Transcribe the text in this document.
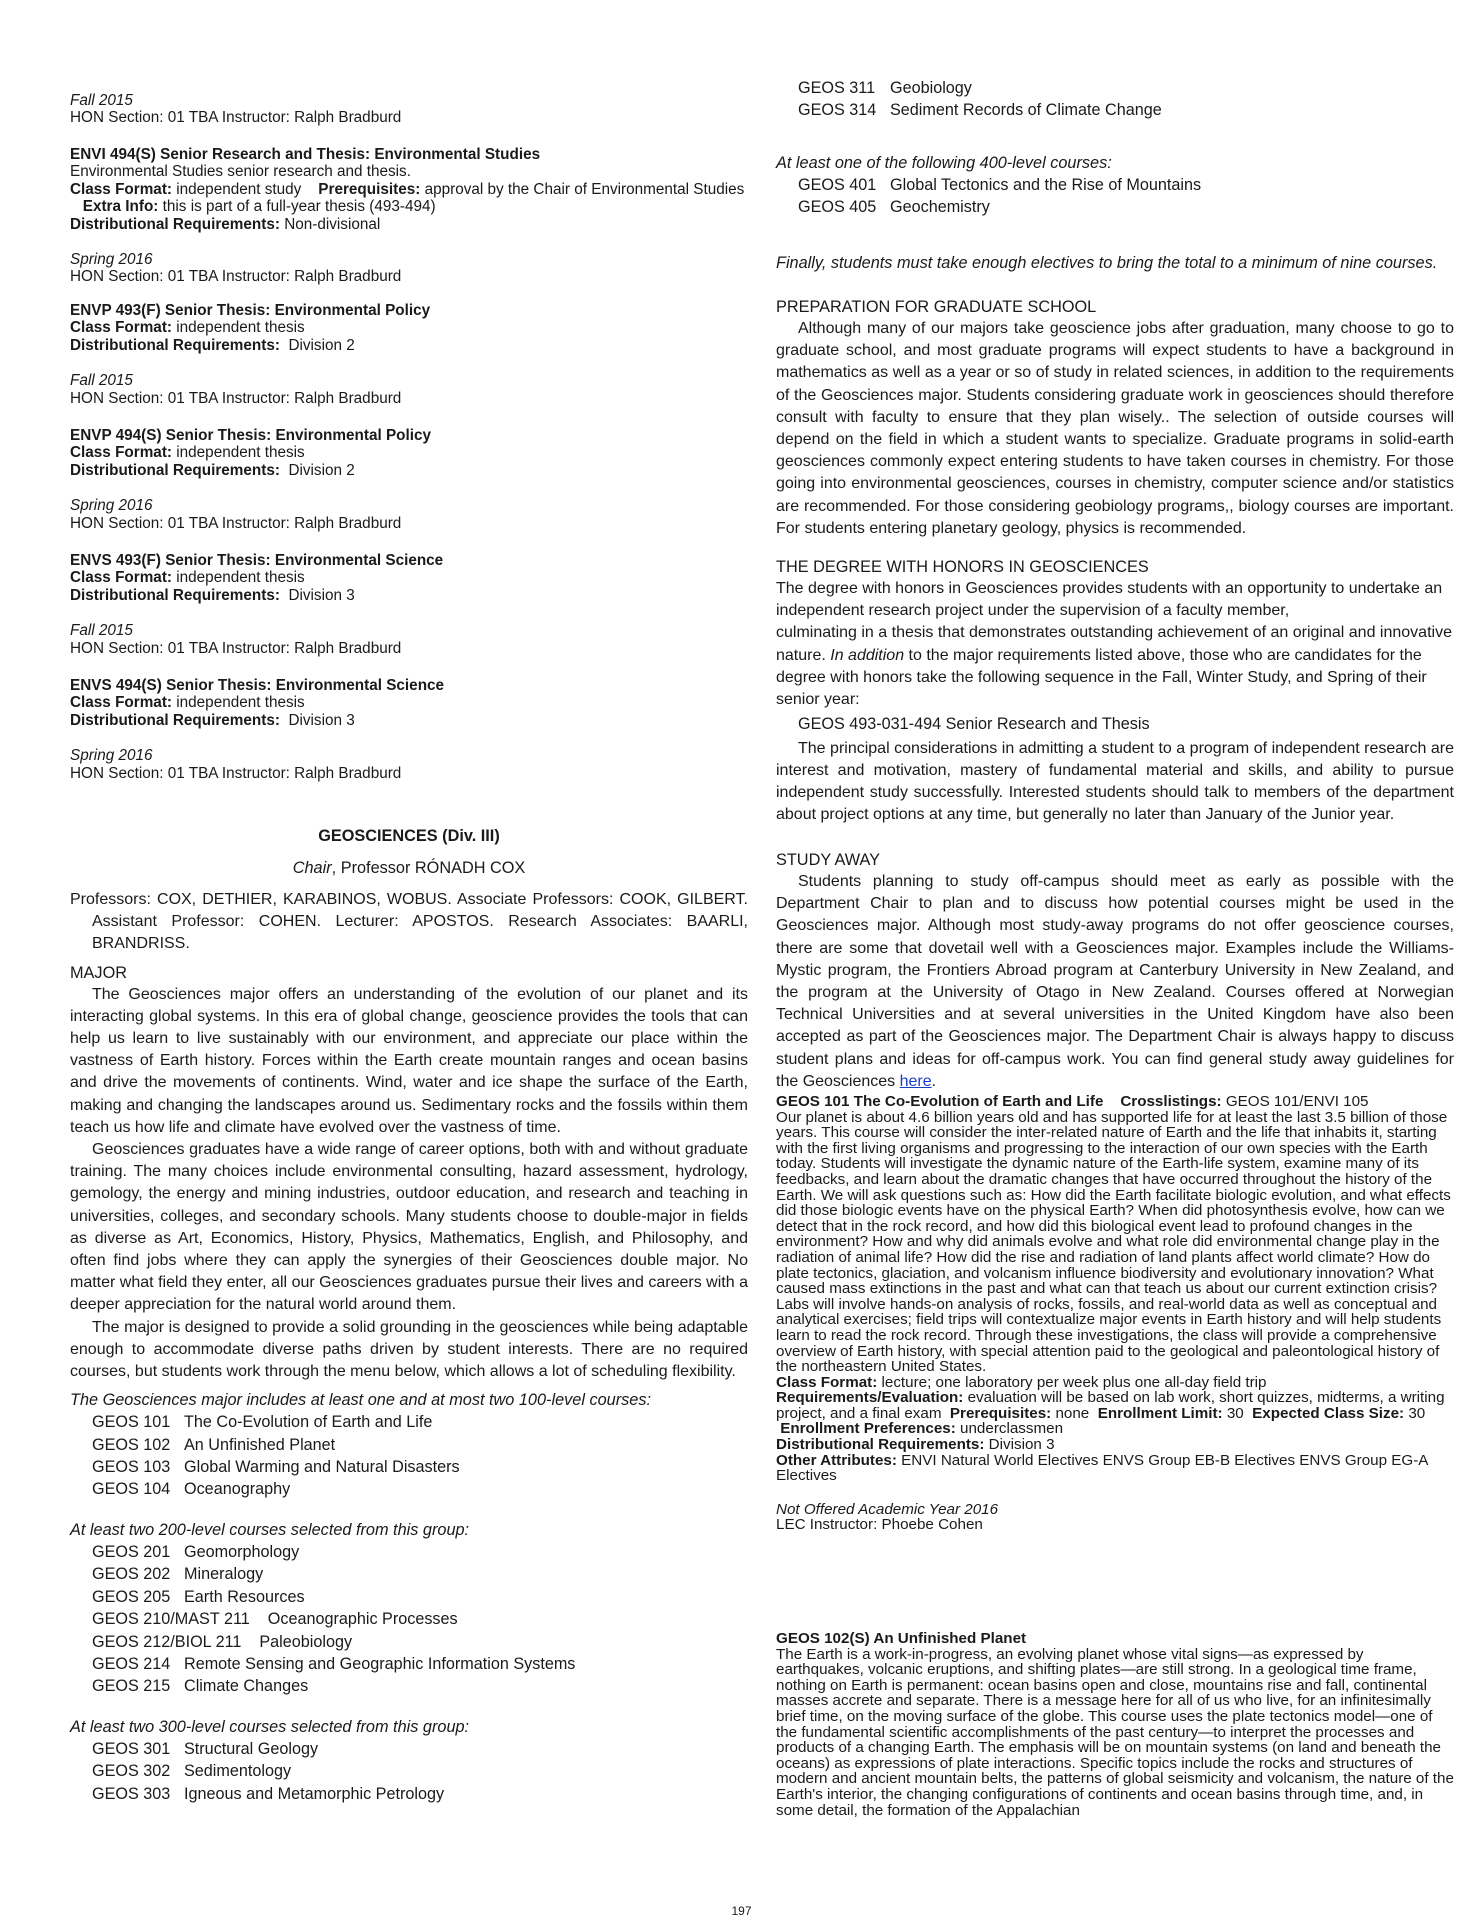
Fall 2015
HON Section: 01 TBA Instructor: Ralph Bradburd
ENVI 494(S) Senior Research and Thesis: Environmental Studies
Environmental Studies senior research and thesis.
Class Format: independent study Prerequisites: approval by the Chair of Environmental Studies    Extra Info: this is part of a full-year thesis (493-494)
Distributional Requirements: Non-divisional
Spring 2016
HON Section: 01 TBA Instructor: Ralph Bradburd
ENVP 493(F) Senior Thesis: Environmental Policy
Class Format: independent thesis
Distributional Requirements: Division 2
Fall 2015
HON Section: 01 TBA Instructor: Ralph Bradburd
ENVP 494(S) Senior Thesis: Environmental Policy
Class Format: independent thesis
Distributional Requirements: Division 2
Spring 2016
HON Section: 01 TBA Instructor: Ralph Bradburd
ENVS 493(F) Senior Thesis: Environmental Science
Class Format: independent thesis
Distributional Requirements: Division 3
Fall 2015
HON Section: 01 TBA Instructor: Ralph Bradburd
ENVS 494(S) Senior Thesis: Environmental Science
Class Format: independent thesis
Distributional Requirements: Division 3
Spring 2016
HON Section: 01 TBA Instructor: Ralph Bradburd
GEOSCIENCES (Div. III)
Chair, Professor RÓNADH COX
Professors: COX, DETHIER, KARABINOS, WOBUS. Associate Professors: COOK, GILBERT. Assistant Professor: COHEN. Lecturer: APOSTOS. Research Associates: BAARLI, BRANDRISS.
MAJOR
The Geosciences major offers an understanding of the evolution of our planet and its interacting global systems. In this era of global change, geoscience provides the tools that can help us learn to live sustainably with our environment, and appreciate our place within the vastness of Earth history. Forces within the Earth create mountain ranges and ocean basins and drive the movements of continents. Wind, water and ice shape the surface of the Earth, making and changing the landscapes around us. Sedimentary rocks and the fossils within them teach us how life and climate have evolved over the vastness of time.
Geosciences graduates have a wide range of career options, both with and without graduate training. The many choices include environmental consulting, hazard assessment, hydrology, gemology, the energy and mining industries, outdoor education, and research and teaching in universities, colleges, and secondary schools. Many students choose to double-major in fields as diverse as Art, Economics, History, Physics, Mathematics, English, and Philosophy, and often find jobs where they can apply the synergies of their Geosciences double major. No matter what field they enter, all our Geosciences graduates pursue their lives and careers with a deeper appreciation for the natural world around them.
The major is designed to provide a solid grounding in the geosciences while being adaptable enough to accommodate diverse paths driven by student interests. There are no required courses, but students work through the menu below, which allows a lot of scheduling flexibility.
The Geosciences major includes at least one and at most two 100-level courses:
GEOS 101 The Co-Evolution of Earth and Life
GEOS 102 An Unfinished Planet
GEOS 103 Global Warming and Natural Disasters
GEOS 104 Oceanography
At least two 200-level courses selected from this group:
GEOS 201 Geomorphology
GEOS 202 Mineralogy
GEOS 205 Earth Resources
GEOS 210/MAST 211 Oceanographic Processes
GEOS 212/BIOL 211 Paleobiology
GEOS 214 Remote Sensing and Geographic Information Systems
GEOS 215 Climate Changes
At least two 300-level courses selected from this group:
GEOS 301 Structural Geology
GEOS 302 Sedimentology
GEOS 303 Igneous and Metamorphic Petrology
GEOS 311 Geobiology
GEOS 314 Sediment Records of Climate Change
At least one of the following 400-level courses:
GEOS 401 Global Tectonics and the Rise of Mountains
GEOS 405 Geochemistry
Finally, students must take enough electives to bring the total to a minimum of nine courses.
PREPARATION FOR GRADUATE SCHOOL
Although many of our majors take geoscience jobs after graduation, many choose to go to graduate school, and most graduate programs will expect students to have a background in mathematics as well as a year or so of study in related sciences, in addition to the requirements of the Geosciences major. Students considering graduate work in geosciences should therefore consult with faculty to ensure that they plan wisely.. The selection of outside courses will depend on the field in which a student wants to specialize. Graduate programs in solid-earth geosciences commonly expect entering students to have taken courses in chemistry. For those going into environmental geosciences, courses in chemistry, computer science and/or statistics are recommended. For those considering geobiology programs,, biology courses are important. For students entering planetary geology, physics is recommended.
THE DEGREE WITH HONORS IN GEOSCIENCES
The degree with honors in Geosciences provides students with an opportunity to undertake an independent research project under the supervision of a faculty member,
culminating in a thesis that demonstrates outstanding achievement of an original and innovative nature. In addition to the major requirements listed above, those who are candidates for the degree with honors take the following sequence in the Fall, Winter Study, and Spring of their senior year:
GEOS 493-031-494 Senior Research and Thesis
The principal considerations in admitting a student to a program of independent research are interest and motivation, mastery of fundamental material and skills, and ability to pursue independent study successfully. Interested students should talk to members of the department about project options at any time, but generally no later than January of the Junior year.
STUDY AWAY
Students planning to study off-campus should meet as early as possible with the Department Chair to plan and to discuss how potential courses might be used in the Geosciences major. Although most study-away programs do not offer geoscience courses, there are some that dovetail well with a Geosciences major. Examples include the Williams-Mystic program, the Frontiers Abroad program at Canterbury University in New Zealand, and the program at the University of Otago in New Zealand. Courses offered at Norwegian Technical Universities and at several universities in the United Kingdom have also been accepted as part of the Geosciences major. The Department Chair is always happy to discuss student plans and ideas for off-campus work. You can find general study away guidelines for the Geosciences here.
GEOS 101 The Co-Evolution of Earth and Life Crosslistings: GEOS 101/ENVI 105
Our planet is about 4.6 billion years old and has supported life for at least the last 3.5 billion of those years. This course will consider the inter-related nature of Earth and the life that inhabits it, starting with the first living organisms and progressing to the interaction of our own species with the Earth today. Students will investigate the dynamic nature of the Earth-life system, examine many of its feedbacks, and learn about the dramatic changes that have occurred throughout the history of the Earth. We will ask questions such as: How did the Earth facilitate biologic evolution, and what effects did those biologic events have on the physical Earth? When did photosynthesis evolve, how can we detect that in the rock record, and how did this biological event lead to profound changes in the environment? How and why did animals evolve and what role did environmental change play in the radiation of animal life? How did the rise and radiation of land plants affect world climate? How do plate tectonics, glaciation, and volcanism influence biodiversity and evolutionary innovation? What caused mass extinctions in the past and what can that teach us about our current extinction crisis? Labs will involve hands-on analysis of rocks, fossils, and real-world data as well as conceptual and analytical exercises; field trips will contextualize major events in Earth history and will help students learn to read the rock record. Through these investigations, the class will provide a comprehensive overview of Earth history, with special attention paid to the geological and paleontological history of the northeastern United States.
Class Format: lecture; one laboratory per week plus one all-day field trip
Requirements/Evaluation: evaluation will be based on lab work, short quizzes, midterms, a writing project, and a final exam Prerequisites: none Enrollment Limit: 30 Expected Class Size: 30  Enrollment Preferences: underclassmen
Distributional Requirements: Division 3
Other Attributes: ENVI Natural World Electives ENVS Group EB-B Electives ENVS Group EG-A Electives
Not Offered Academic Year 2016
LEC Instructor: Phoebe Cohen
GEOS 102(S) An Unfinished Planet
The Earth is a work-in-progress, an evolving planet whose vital signs—as expressed by earthquakes, volcanic eruptions, and shifting plates—are still strong. In a geological time frame, nothing on Earth is permanent: ocean basins open and close, mountains rise and fall, continental masses accrete and separate. There is a message here for all of us who live, for an infinitesimally brief time, on the moving surface of the globe. This course uses the plate tectonics model—one of the fundamental scientific accomplishments of the past century—to interpret the processes and products of a changing Earth. The emphasis will be on mountain systems (on land and beneath the oceans) as expressions of plate interactions. Specific topics include the rocks and structures of modern and ancient mountain belts, the patterns of global seismicity and volcanism, the nature of the Earth's interior, the changing configurations of continents and ocean basins through time, and, in some detail, the formation of the Appalachian
197
